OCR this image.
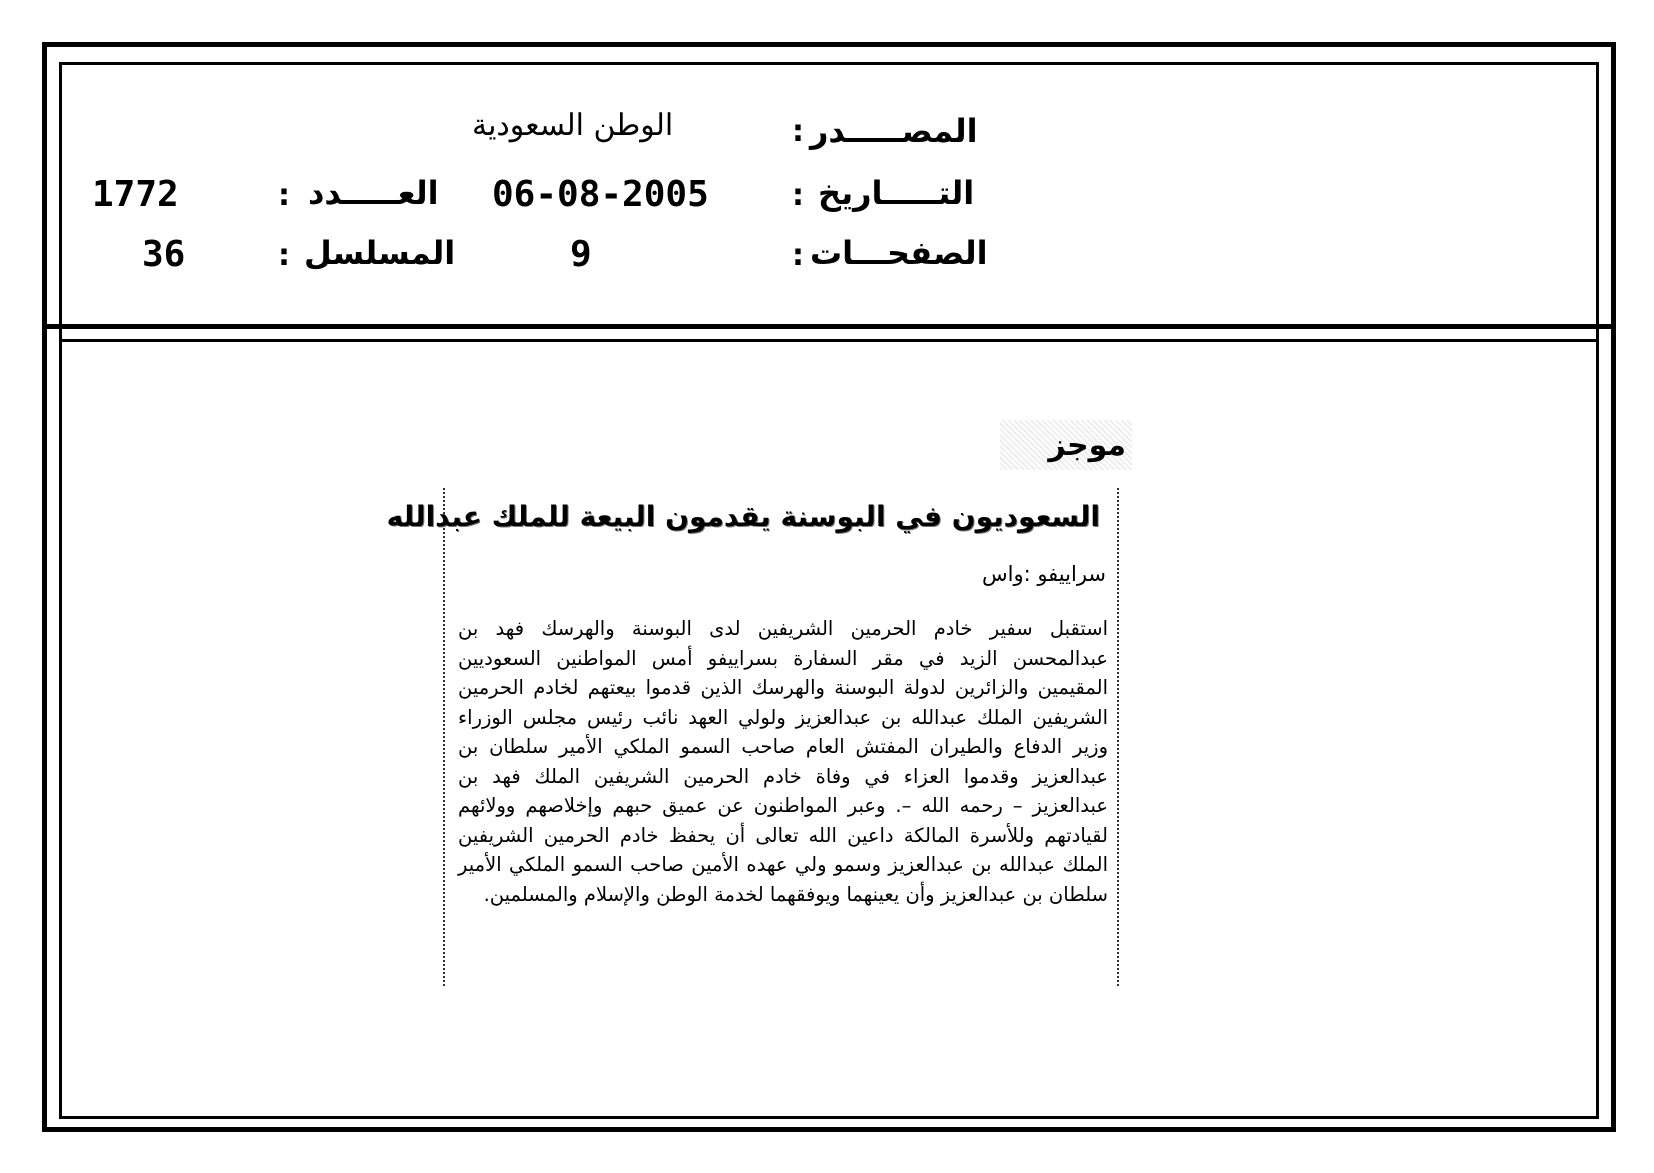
المصـــــدر
:
الوطن السعودية
التـــــاريخ
:
06-08-2005
العـــــدد
:
1772
الصفحـــات
:
9
المسلسل
:
36
موجز
السعوديون في البوسنة يقدمون البيعة للملك عبدالله
سراييفو :واس
استقبل سفير خادم الحرمين الشريفين لدى البوسنة والهرسك فهد بن عبدالمحسن الزيد في مقر السفارة بسراييفو أمس المواطنين السعوديين المقيمين والزائرين لدولة البوسنة والهرسك الذين قدموا بيعتهم لخادم الحرمين الشريفين الملك عبدالله بن عبدالعزيز ولولي العهد نائب رئيس مجلس الوزراء وزير الدفاع والطيران المفتش العام صاحب السمو الملكي الأمير سلطان بن عبدالعزيز وقدموا العزاء في وفاة خادم الحرمين الشريفين الملك فهد بن عبدالعزيز – رحمه الله –. وعبر المواطنون عن عميق حبهم وإخلاصهم وولائهم لقيادتهم وللأسرة المالكة داعين الله تعالى أن يحفظ خادم الحرمين الشريفين الملك عبدالله بن عبدالعزيز وسمو ولي عهده الأمين صاحب السمو الملكي الأمير سلطان بن عبدالعزيز وأن يعينهما ويوفقهما لخدمة الوطن والإسلام والمسلمين.
